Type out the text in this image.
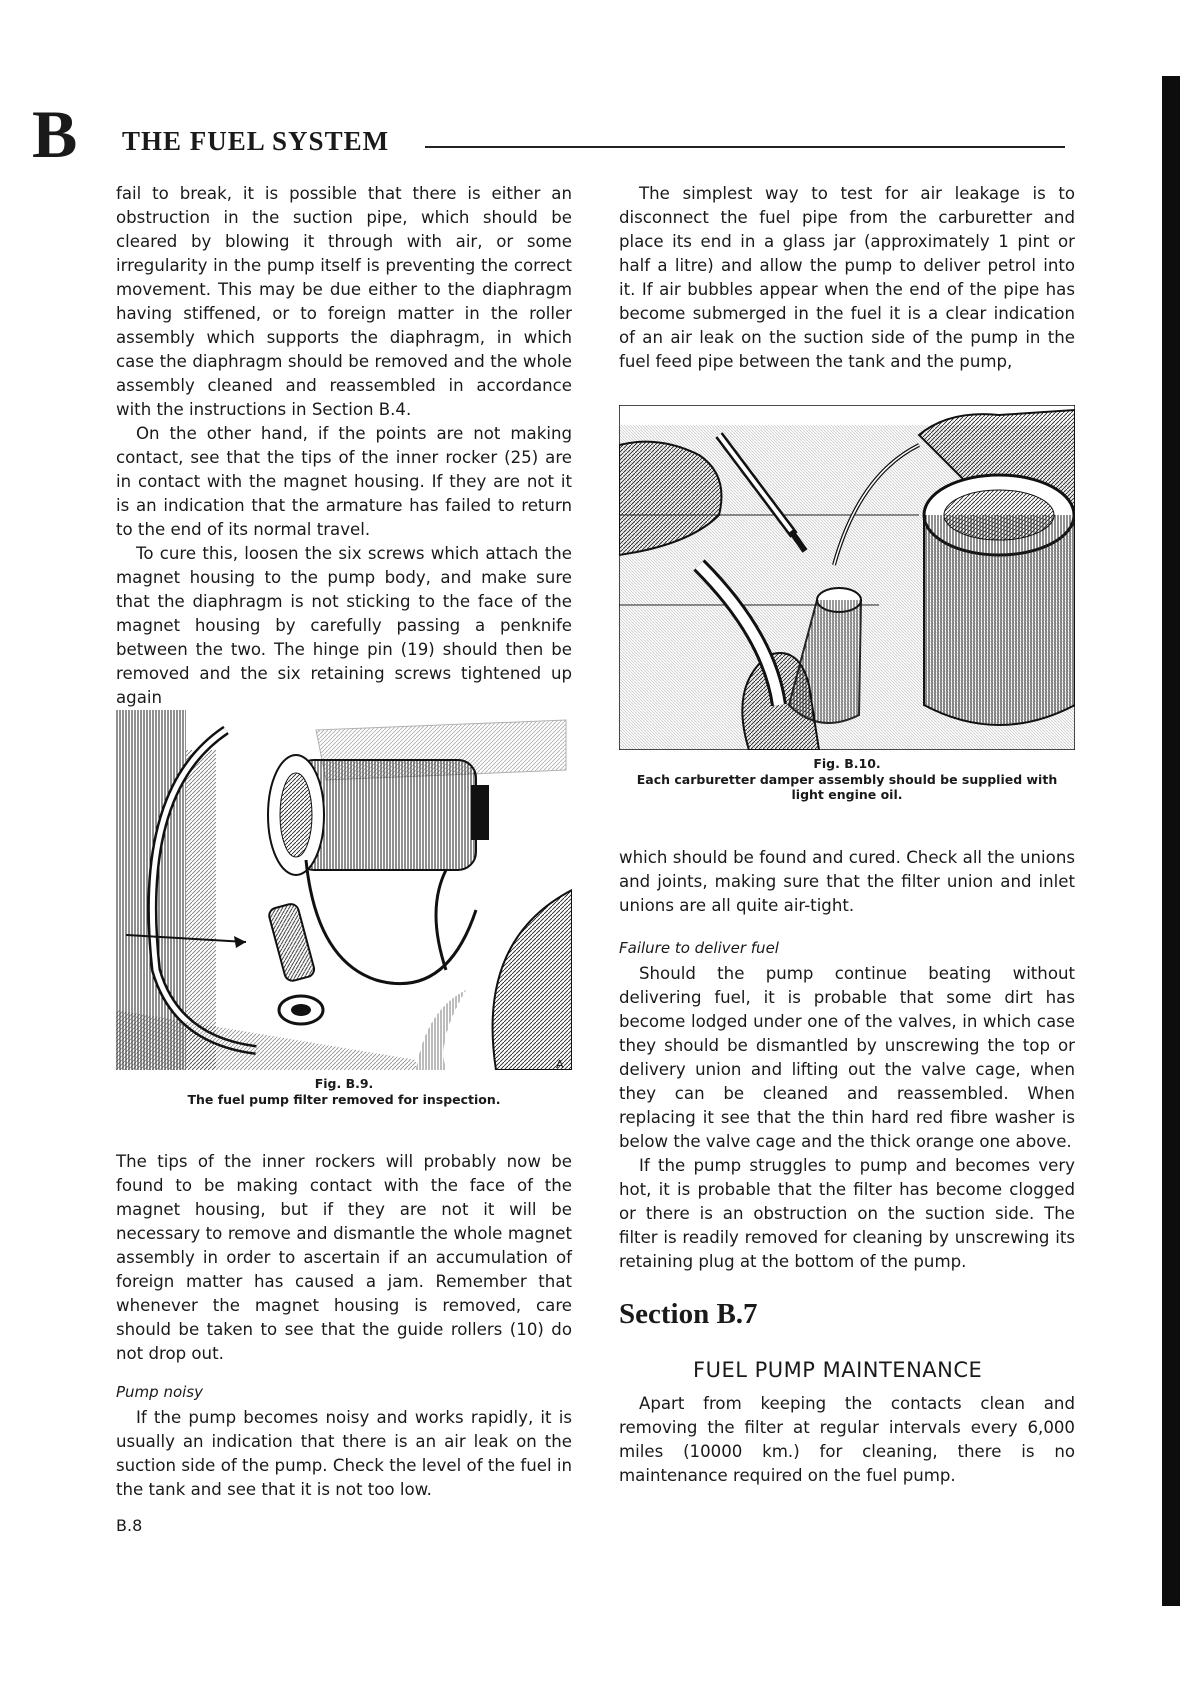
B THE FUEL SYSTEM

fail to break, it is possible that there is either an obstruction in the suction pipe, which should be cleared by blowing it through with air, or some irregularity in the pump itself is preventing the correct movement. This may be due either to the diaphragm having stiffened, or to foreign matter in the roller assembly which supports the diaphragm, in which case the diaphragm should be removed and the whole assembly cleaned and reassembled in accordance with the instructions in Section B.4.

On the other hand, if the points are not making contact, see that the tips of the inner rocker (25) are in contact with the magnet housing. If they are not it is an indication that the armature has failed to return to the end of its normal travel.

To cure this, loosen the six screws which attach the magnet housing to the pump body, and make sure that the diaphragm is not sticking to the face of the magnet housing by carefully passing a penknife between the two. The hinge pin (19) should then be removed and the six retaining screws tightened up again

A
Fig. B.9.
The fuel pump filter removed for inspection.

The tips of the inner rockers will probably now be found to be making contact with the face of the magnet housing, but if they are not it will be necessary to remove and dismantle the whole magnet assembly in order to ascertain if an accumulation of foreign matter has caused a jam. Remember that whenever the magnet housing is removed, care should be taken to see that the guide rollers (10) do not drop out.

Pump noisy

If the pump becomes noisy and works rapidly, it is usually an indication that there is an air leak on the suction side of the pump. Check the level of the fuel in the tank and see that it is not too low.

The simplest way to test for air leakage is to disconnect the fuel pipe from the carburetter and place its end in a glass jar (approximately 1 pint or half a litre) and allow the pump to deliver petrol into it. If air bubbles appear when the end of the pipe has become submerged in the fuel it is a clear indication of an air leak on the suction side of the pump in the fuel feed pipe between the tank and the pump,

Fig. B.10.
Each carburetter damper assembly should be supplied with light engine oil.

which should be found and cured. Check all the unions and joints, making sure that the filter union and inlet unions are all quite air-tight.

Failure to deliver fuel

Should the pump continue beating without delivering fuel, it is probable that some dirt has become lodged under one of the valves, in which case they should be dismantled by unscrewing the top or delivery union and lifting out the valve cage, when they can be cleaned and reassembled. When replacing it see that the thin hard red fibre washer is below the valve cage and the thick orange one above.

If the pump struggles to pump and becomes very hot, it is probable that the filter has become clogged or there is an obstruction on the suction side. The filter is readily removed for cleaning by unscrewing its retaining plug at the bottom of the pump.

Section B.7
FUEL PUMP MAINTENANCE

Apart from keeping the contacts clean and removing the filter at regular intervals every 6,000 miles (10000 km.) for cleaning, there is no maintenance required on the fuel pump.

B.8
